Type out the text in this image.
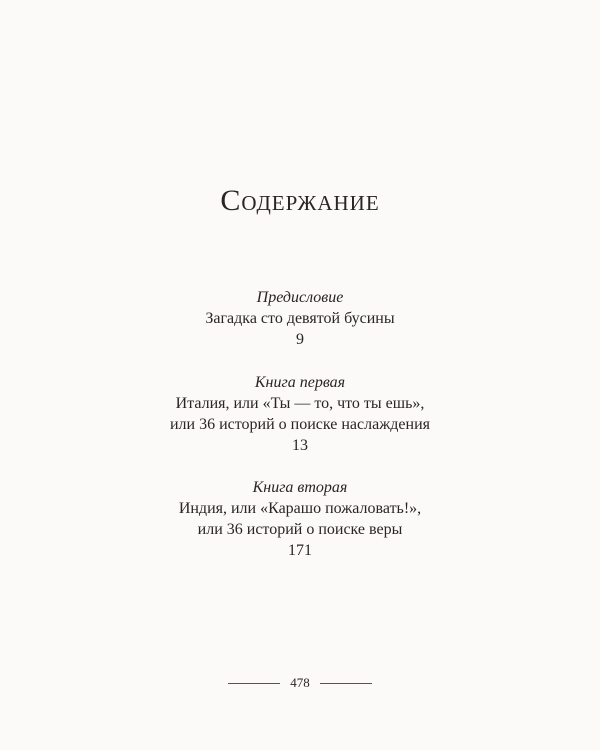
Содержание
Предисловие
Загадка сто девятой бусины
9
Книга первая
Италия, или «Ты — то, что ты ешь»,
или 36 историй о поиске наслаждения
13
Книга вторая
Индия, или «Карашо пожаловать!»,
или 36 историй о поиске веры
171
478
